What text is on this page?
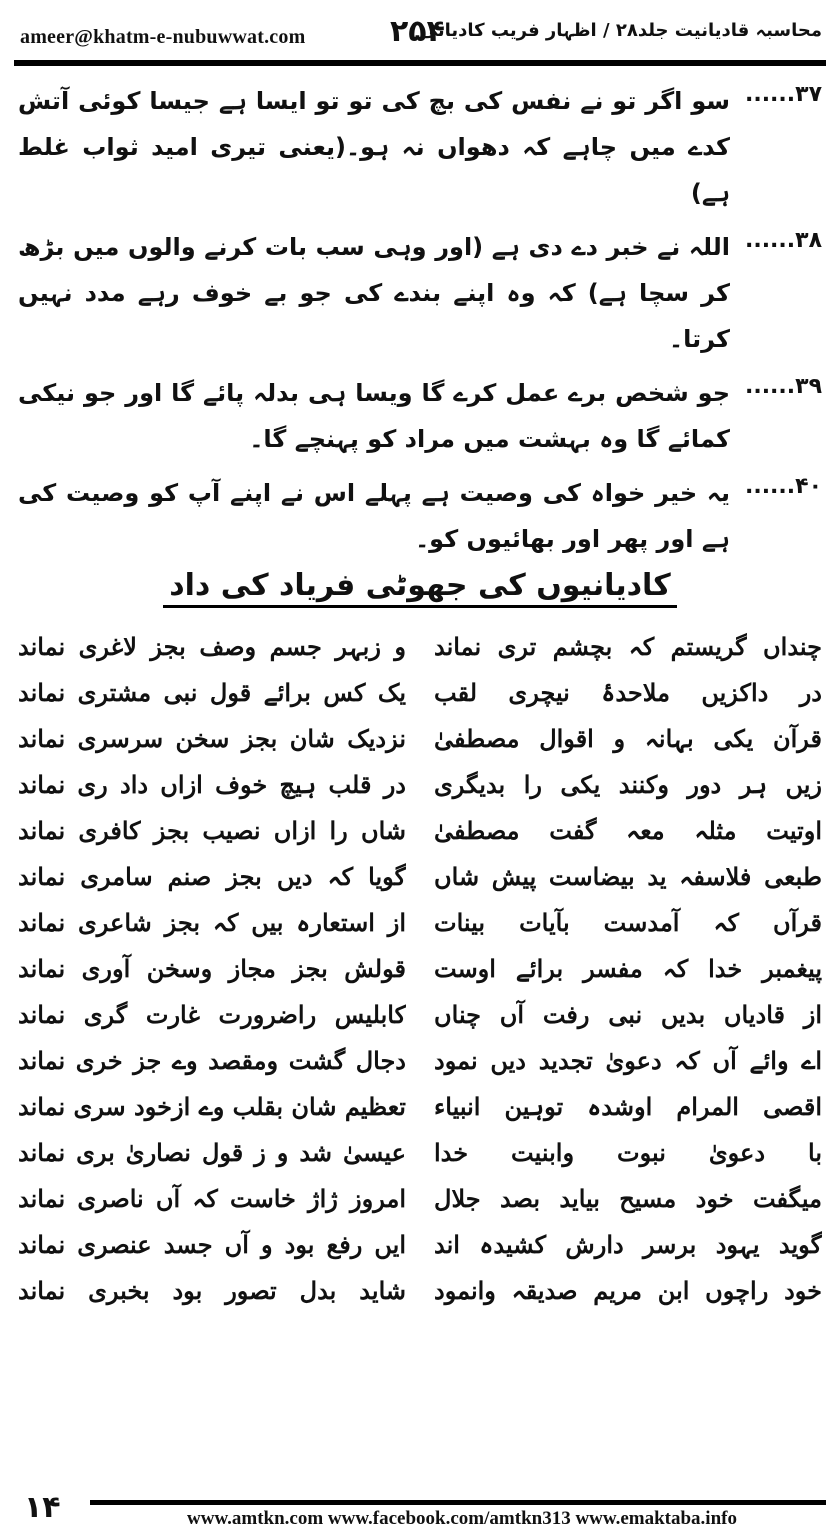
ameer@khatm-e-nubuwwat.com	۲۵۴
محاسبہ قادیانیت جلد۲۸ / اظہار فریب کادیانی
۳۷......
سو اگر تو نے نفس کی بچ کی تو تو ایسا ہے جیسا کوئی آتش کدے میں چاہے کہ دھواں نہ ہو۔(یعنی تیری امید ثواب غلط ہے)
۳۸......
اللہ نے خبر دے دی ہے (اور وہی سب بات کرنے والوں میں بڑھ کر سچا ہے) کہ وہ اپنے بندے کی جو بے خوف رہے مدد نہیں کرتا۔
۳۹......
جو شخص برے عمل کرے گا ویسا ہی بدلہ پائے گا اور جو نیکی کمائے گا وہ بہشت میں مراد کو پہنچے گا۔
۴۰......
یہ خیر خواہ کی وصیت ہے پہلے اس نے اپنے آپ کو وصیت کی ہے اور پھر اور بھائیوں کو۔
کادیانیوں کی جھوٹی فریاد کی داد
چنداں گریستم کہ بچشم تری نماند
و زبہر جسم وصف بجز لاغری نماند
در داکزیں ملاحدۂ نیچری لقب
یک کس برائے قول نبی مشتری نماند
قرآن یکی بہانہ و اقوال مصطفیٰ
نزدیک شان بجز سخن سرسری نماند
زیں ہر دور وکنند یکی را بدیگری
در قلب ہیچ خوف ازاں داد ری نماند
اوتیت مثلہ معہ گفت مصطفیٰ
شاں را ازاں نصیب بجز کافری نماند
طبعی فلاسفہ ید بیضاست پیش شاں
گویا کہ دیں بجز صنم سامری نماند
قرآں کہ آمدست بآیات بینات
از استعارہ بیں کہ بجز شاعری نماند
پیغمبر خدا کہ مفسر برائے اوست
قولش بجز مجاز وسخن آوری نماند
از قادیاں بدیں نبی رفت آں چناں
کابلیس راضرورت غارت گری نماند
اے وائے آں کہ دعویٰ تجدید دیں نمود
دجال گشت ومقصد وے جز خری نماند
اقصی المرام اوشدہ توہین انبیاء
تعظیم شان بقلب وے ازخود سری نماند
با دعویٰ نبوت وابنیت خدا
عیسیٰ شد و ز قول نصاریٰ بری نماند
میگفت خود مسیح بیاید بصد جلال
امروز ژاژ خاست کہ آں ناصری نماند
گوید یہود برسر دارش کشیدہ اند
ایں رفع بود و آں جسد عنصری نماند
خود راچوں ابن مریم صدیقہ وانمود
شاید بدل تصور بود بخبری نماند
۱۴	www.amtkn.com www.facebook.com/amtkn313 www.emaktaba.info
